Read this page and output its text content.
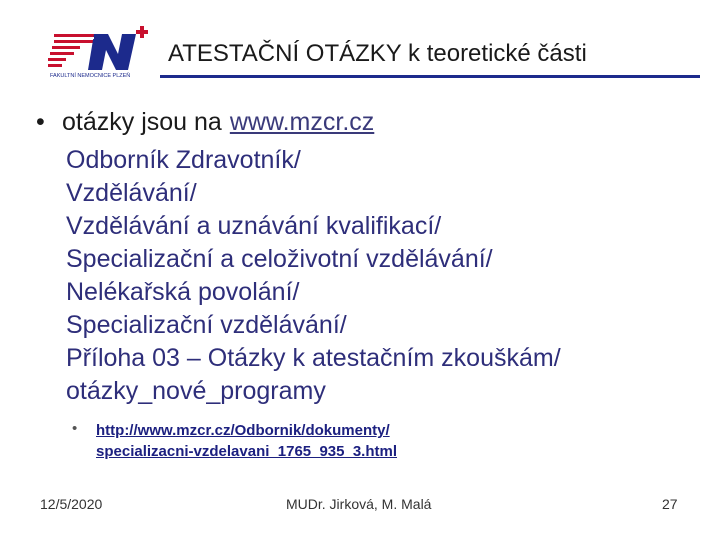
FAKULTNÍ NEMOCNICE PLZEŇ
ATESTAČNÍ OTÁZKY k teoretické části
• otázky jsou na www.mzcr.cz
Odborník Zdravotník/
Vzdělávání/
Vzdělávání a uznávání kvalifikací/
Specializační a celoživotní vzdělávání/
Nelékařská povolání/
Specializační vzdělávání/
Příloha 03 – Otázky k atestačním zkouškám/
otázky_nové_programy
•	http://www.mzcr.cz/Odbornik/dokumenty/
specializacni-vzdelavani_1765_935_3.html
12/5/2020	MUDr. Jirková, M. Malá	27
